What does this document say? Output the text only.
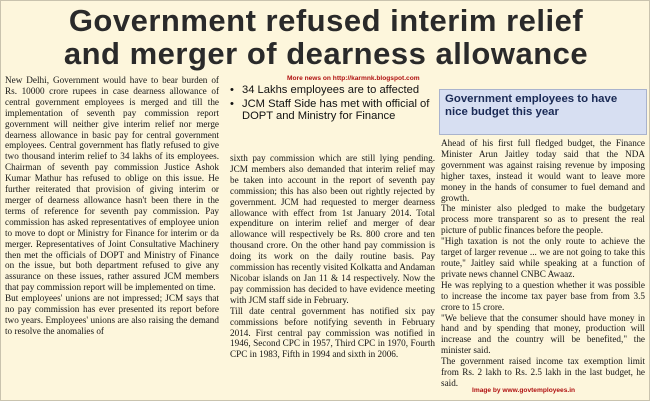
Government refused interim relief
and merger of dearness allowance

New Delhi, Government would have to bear burden of Rs. 10000 crore rupees in case dearness allowance of central government employees is merged and till the implementation of seventh pay commission report government will neither give interim relief nor merge dearness allowance in basic pay for central government employees. Central government has flatly refused to give two thousand interim relief to 34 lakhs of its employees. Chairman of seventh pay commission Justice Ashok Kumar Mathur has refused to oblige on this issue. He further reiterated that provision of giving interim or merger of dearness allowance hasn't been there in the terms of reference for seventh pay commission. Pay commission has asked representatives of employee union to move to dopt or Ministry for Finance for interim or da merger. Representatives of Joint Consultative Machinery then met the officials of DOPT and Ministry of Finance on the issue, but both department refused to give any assurance on these issues, rather assured JCM members that pay commission report will be implemented on time.

But employees' unions are not impressed; JCM says that no pay commission has ever presented its report before two years. Employees' unions are also raising the demand to resolve the anomalies of

More news on http://karmnk.blogspot.com
• 34 Lakhs employees are to affected
• JCM Staff Side has met with official of DOPT and Ministry for Finance

sixth pay commission which are still lying pending. JCM members also demanded that interim relief may be taken into account in the report of seventh pay commission; this has also been out rightly rejected by government. JCM had requested to merger dearness allowance with effect from 1st January 2014. Total expenditure on interim relief and merger of dear allowance will respectively be Rs. 800 crore and ten thousand crore. On the other hand pay commission is doing its work on the daily routine basis. Pay commission has recently visited Kolkatta and Andaman Nicobar islands on Jan 11 & 14 respectively. Now the pay commission has decided to have evidence meeting with JCM staff side in February.

Till date central government has notified six pay commissions before notifying seventh in February 2014. First central pay commission was notified in 1946, Second CPC in 1957, Third CPC in 1970, Fourth CPC in 1983, Fifth in 1994 and sixth in 2006.

Government employees to have nice budget this year

Ahead of his first full fledged budget, the Finance Minister Arun Jaitley today said that the NDA government was against raising revenue by imposing higher taxes, instead it would want to leave more money in the hands of consumer to fuel demand and growth.

The minister also pledged to make the budgetary process more transparent so as to present the real picture of public finances before the people.

"High taxation is not the only route to achieve the target of larger revenue ... we are not going to take this route," Jaitley said while speaking at a function of private news channel CNBC Awaaz.

He was replying to a question whether it was possible to increase the income tax payer base from from 3.5 crore to 15 crore.

"We believe that the consumer should have money in hand and by spending that money, production will increase and the country will be benefited," the minister said.

The government raised income tax exemption limit from Rs. 2 lakh to Rs. 2.5 lakh in the last budget, he said.

Image by www.govtemployees.in
